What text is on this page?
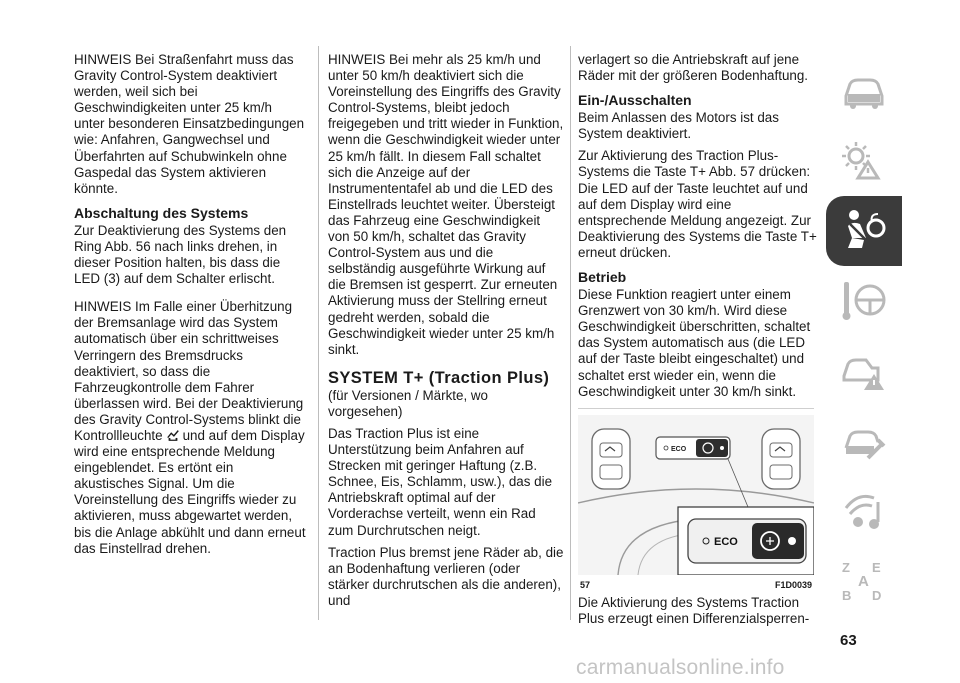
HINWEIS Bei Straßenfahrt muss das Gravity Control-System deaktiviert werden, weil sich bei Geschwindigkeiten unter 25 km/h unter besonderen Einsatzbedingungen wie: Anfahren, Gangwechsel und Überfahrten auf Schubwinkeln ohne Gaspedal das System aktivieren könnte.

Abschaltung des Systems

Zur Deaktivierung des Systems den Ring Abb. 56 nach links drehen, in dieser Position halten, bis dass die LED (3) auf dem Schalter erlischt.

HINWEIS Im Falle einer Überhitzung der Bremsanlage wird das System automatisch über ein schrittweises Verringern des Bremsdrucks deaktiviert, so dass die Fahrzeugkontrolle dem Fahrer überlassen wird. Bei der Deaktivierung des Gravity Control-Systems blinkt die Kontrollleuchte und auf dem Display wird eine entsprechende Meldung eingeblendet. Es ertönt ein akustisches Signal. Um die Voreinstellung des Eingriffs wieder zu aktivieren, muss abgewartet werden, bis die Anlage abkühlt und dann erneut das Einstellrad drehen.

HINWEIS Bei mehr als 25 km/h und unter 50 km/h deaktiviert sich die Voreinstellung des Eingriffs des Gravity Control-Systems, bleibt jedoch freigegeben und tritt wieder in Funktion, wenn die Geschwindigkeit wieder unter 25 km/h fällt. In diesem Fall schaltet sich die Anzeige auf der Instrumententafel ab und die LED des Einstellrads leuchtet weiter. Übersteigt das Fahrzeug eine Geschwindigkeit von 50 km/h, schaltet das Gravity Control-System aus und die selbständig ausgeführte Wirkung auf die Bremsen ist gesperrt. Zur erneuten Aktivierung muss der Stellring erneut gedreht werden, sobald die Geschwindigkeit wieder unter 25 km/h sinkt.

SYSTEM T+ (Traction Plus)

(für Versionen / Märkte, wo vorgesehen)

Das Traction Plus ist eine Unterstützung beim Anfahren auf Strecken mit geringer Haftung (z.B. Schnee, Eis, Schlamm, usw.), das die Antriebskraft optimal auf der Vorderachse verteilt, wenn ein Rad zum Durchrutschen neigt.

Traction Plus bremst jene Räder ab, die an Bodenhaftung verlieren (oder stärker durchrutschen als die anderen), und

verlagert so die Antriebskraft auf jene Räder mit der größeren Bodenhaftung.

Ein-/Ausschalten

Beim Anlassen des Motors ist das System deaktiviert.

Zur Aktivierung des Traction Plus-Systems die Taste T+ Abb. 57 drücken: Die LED auf der Taste leuchtet auf und auf dem Display wird eine entsprechende Meldung angezeigt. Zur Deaktivierung des Systems die Taste T+ erneut drücken.

Betrieb

Diese Funktion reagiert unter einem Grenzwert von 30 km/h. Wird diese Geschwindigkeit überschritten, schaltet das System automatisch aus (die LED auf der Taste bleibt eingeschaltet) und schaltet erst wieder ein, wenn die Geschwindigkeit unter 30 km/h sinkt.

ECO
ECO
57	F1D0039

Die Aktivierung des Systems Traction Plus erzeugt einen Differenzialsperren-

Z E
A
B D
63
carmanualsonline.info
